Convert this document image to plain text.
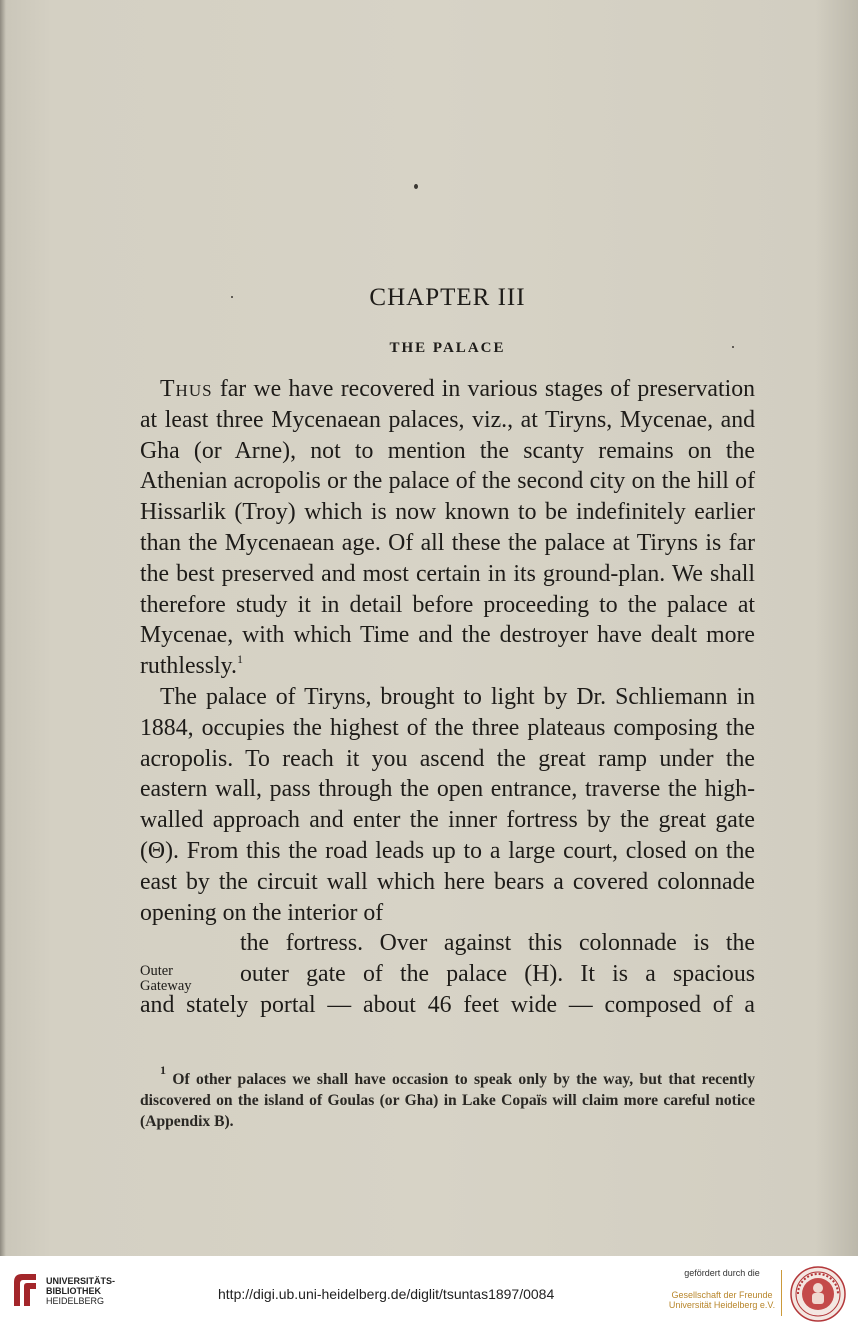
CHAPTER III
THE PALACE

Thus far we have recovered in various stages of preservation at least three Mycenaean palaces, viz., at Tiryns, Mycenae, and Gha (or Arne), not to mention the scanty remains on the Athenian acropolis or the palace of the second city on the hill of Hissarlik (Troy) which is now known to be indefinitely earlier than the Mycenaean age. Of all these the palace at Tiryns is far the best preserved and most certain in its ground-plan. We shall therefore study it in detail before proceeding to the palace at Mycenae, with which Time and the destroyer have dealt more ruthlessly.$^1$

The palace of Tiryns, brought to light by Dr. Schliemann in 1884, occupies the highest of the three plateaus composing the acropolis. To reach it you ascend the great ramp under the eastern wall, pass through the open entrance, traverse the high-walled approach and enter the inner fortress by the great gate (Θ). From this the road leads up to a large court, closed on the east by the circuit wall which here bears a covered colonnade opening on the interior of

the fortress. Over against this colonnade is the
outer gate of the palace (H). It is a spacious
and stately portal — about 46 feet wide — composed of a

$^1$ Of other palaces we shall have occasion to speak only by the way, but that recently discovered on the island of Goulas (or Gha) in Lake Copaïs will claim more careful notice (Appendix B).

Outer
Gateway
UNIVERSITÄTS-
BIBLIOTHEK
HEIDELBERG	http://digi.ub.uni-heidelberg.de/diglit/tsuntas1897/0084
gefördert durch die
Gesellschaft der Freunde
Universität Heidelberg e.V.
